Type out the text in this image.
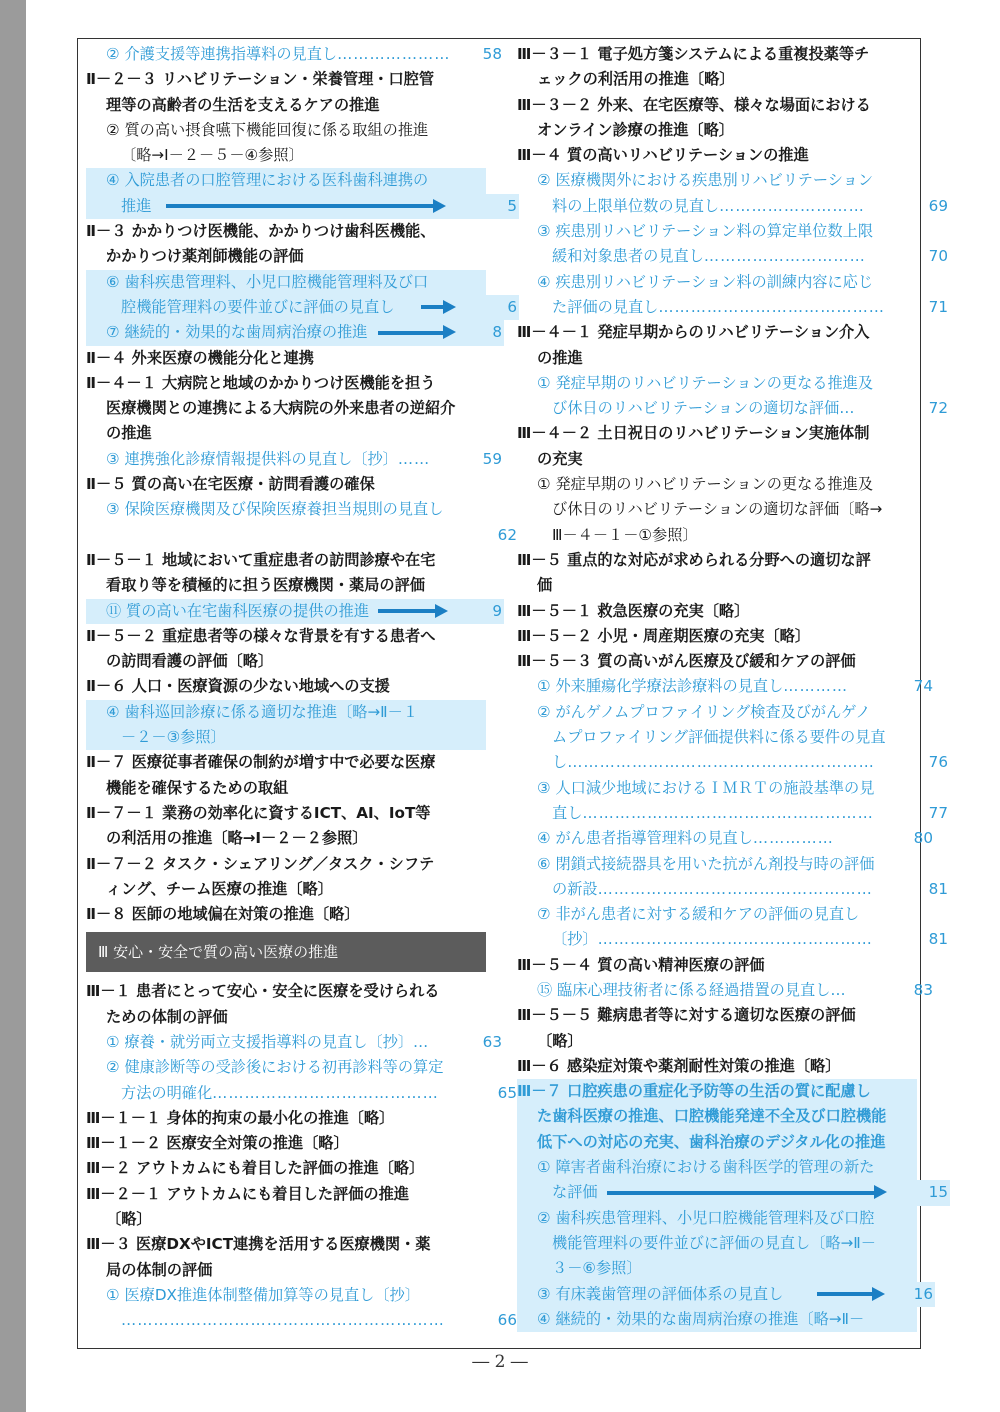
② 介護支援等連携指導料の見直し………………… 58
Ⅱ－２－３ リハビリテーション・栄養管理・口腔管
理等の高齢者の生活を支えるケアの推進
② 質の高い摂食嚥下機能回復に係る取組の推進
〔略→Ⅰ－２－５－④参照〕
④ 入院患者の口腔管理における医科歯科連携の
推進	5
Ⅱ－３ かかりつけ医機能、かかりつけ歯科医機能、
かかりつけ薬剤師機能の評価
⑥ 歯科疾患管理料、小児口腔機能管理料及び口
腔機能管理料の要件並びに評価の見直し	6
⑦ 継続的・効果的な歯周病治療の推進	8
Ⅱ－４ 外来医療の機能分化と連携
Ⅱ－４－１ 大病院と地域のかかりつけ医機能を担う
医療機関との連携による大病院の外来患者の逆紹介
の推進
③ 連携強化診療情報提供料の見直し〔抄〕……	59
Ⅱ－５ 質の高い在宅医療・訪問看護の確保
③ 保険医療機関及び保険医療養担当規則の見直し
62
Ⅱ－５－１ 地域において重症患者の訪問診療や在宅
看取り等を積極的に担う医療機関・薬局の評価
⑪ 質の高い在宅歯科医療の提供の推進	9
Ⅱ－５－２ 重症患者等の様々な背景を有する患者へ
の訪問看護の評価〔略〕
Ⅱ－６ 人口・医療資源の少ない地域への支援
④ 歯科巡回診療に係る適切な推進〔略→Ⅱ－１
－２－③参照〕
Ⅱ－７ 医療従事者確保の制約が増す中で必要な医療
機能を確保するための取組
Ⅱ－７－１ 業務の効率化に資するICT、AI、IoT等
の利活用の推進〔略→Ⅰ－２－２参照〕
Ⅱ－７－２ タスク・シェアリング／タスク・シフテ
ィング、チーム医療の推進〔略〕
Ⅱ－８ 医師の地域偏在対策の推進〔略〕
Ⅲ 安心・安全で質の高い医療の推進
Ⅲ－１ 患者にとって安心・安全に医療を受けられる
ための体制の評価
① 療養・就労両立支援指導料の見直し〔抄〕…	63
② 健康診断等の受診後における初再診料等の算定
方法の明確化……………………………………	65
Ⅲ－１－１ 身体的拘束の最小化の推進〔略〕
Ⅲ－１－２ 医療安全対策の推進〔略〕
Ⅲ－２ アウトカムにも着目した評価の推進〔略〕
Ⅲ－２－１ アウトカムにも着目した評価の推進
〔略〕
Ⅲ－３ 医療DXやICT連携を活用する医療機関・薬
局の体制の評価
① 医療DX推進体制整備加算等の見直し〔抄〕
……………………………………………………	66
Ⅲ－３－１ 電子処方箋システムによる重複投薬等チ
ェックの利活用の推進〔略〕
Ⅲ－３－２ 外来、在宅医療等、様々な場面における
オンライン診療の推進〔略〕
Ⅲ－４ 質の高いリハビリテーションの推進
② 医療機関外における疾患別リハビリテーション
料の上限単位数の見直し………………………	69
③ 疾患別リハビリテーション料の算定単位数上限
緩和対象患者の見直し…………………………	70
④ 疾患別リハビリテーション料の訓練内容に応じ
た評価の見直し……………………………………	71
Ⅲ－４－１ 発症早期からのリハビリテーション介入
の推進
① 発症早期のリハビリテーションの更なる推進及
び休日のリハビリテーションの適切な評価…	72
Ⅲ－４－２ 土日祝日のリハビリテーション実施体制
の充実
① 発症早期のリハビリテーションの更なる推進及
び休日のリハビリテーションの適切な評価〔略→
Ⅲ－４－１－①参照〕
Ⅲ－５ 重点的な対応が求められる分野への適切な評
価
Ⅲ－５－１ 救急医療の充実〔略〕
Ⅲ－５－２ 小児・周産期医療の充実〔略〕
Ⅲ－５－３ 質の高いがん医療及び緩和ケアの評価
① 外来腫瘍化学療法診療料の見直し…………	74
② がんゲノムプロファイリング検査及びがんゲノ
ムプロファイリング評価提供料に係る要件の見直
し…………………………………………………	76
③ 人口減少地域におけるＩＭＲＴの施設基準の見
直し………………………………………………	77
④ がん患者指導管理料の見直し……………	80
⑥ 閉鎖式接続器具を用いた抗がん剤投与時の評価
の新設……………………………………………	81
⑦ 非がん患者に対する緩和ケアの評価の見直し
〔抄〕……………………………………………	81
Ⅲ－５－４ 質の高い精神医療の評価
⑮ 臨床心理技術者に係る経過措置の見直し…	83
Ⅲ－５－５ 難病患者等に対する適切な医療の評価
〔略〕
Ⅲ－６ 感染症対策や薬剤耐性対策の推進〔略〕
Ⅲ－７ 口腔疾患の重症化予防等の生活の質に配慮し
た歯科医療の推進、口腔機能発達不全及び口腔機能
低下への対応の充実、歯科治療のデジタル化の推進
① 障害者歯科治療における歯科医学的管理の新た
な評価	15
② 歯科疾患管理料、小児口腔機能管理料及び口腔
機能管理料の要件並びに評価の見直し〔略→Ⅱ－
３－⑥参照〕
③ 有床義歯管理の評価体系の見直し	16
④ 継続的・効果的な歯周病治療の推進〔略→Ⅱ－
― 2 ―
